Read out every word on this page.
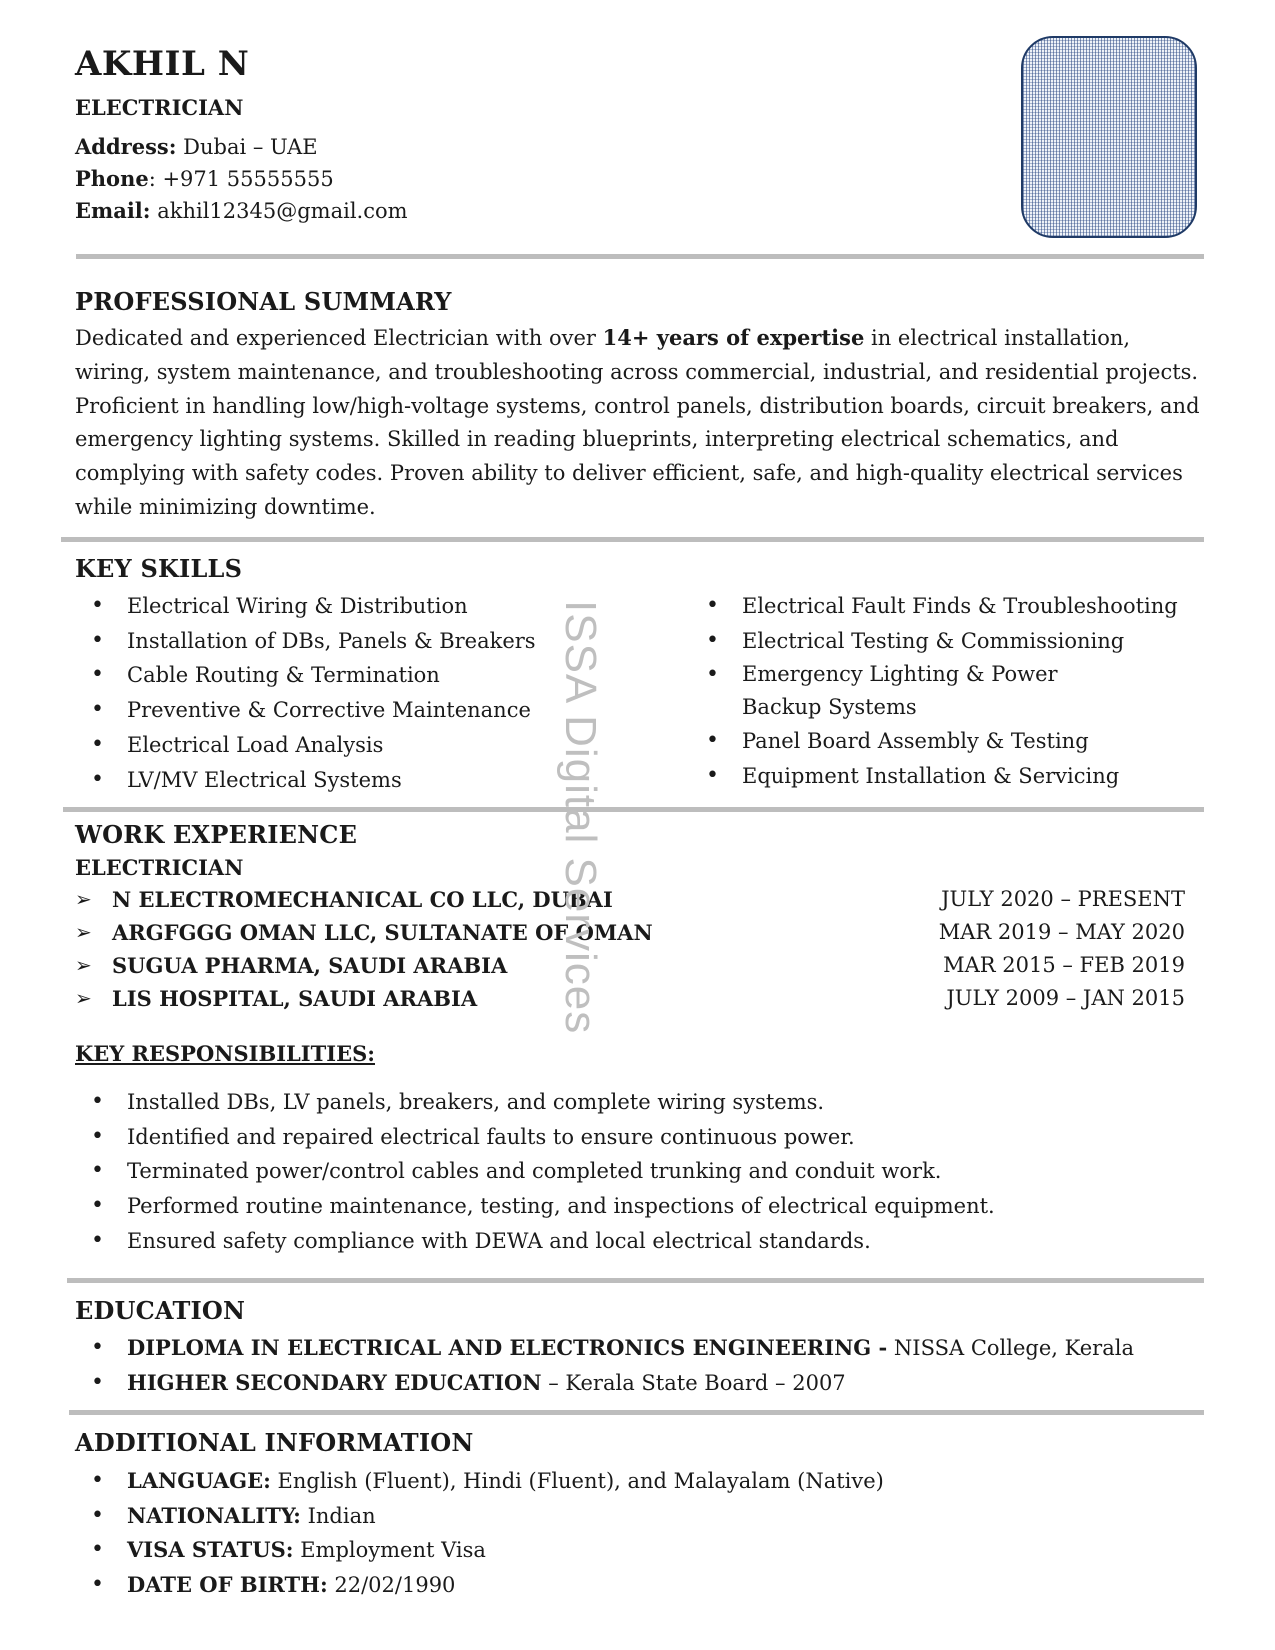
AKHIL N
ELECTRICIAN
Address: Dubai – UAE
Phone: +971 55555555
Email: akhil12345@gmail.com
PROFESSIONAL SUMMARY
Dedicated and experienced Electrician with over 14+ years of expertise in electrical installation, wiring, system maintenance, and troubleshooting across commercial, industrial, and residential projects. Proficient in handling low/high-voltage systems, control panels, distribution boards, circuit breakers, and emergency lighting systems. Skilled in reading blueprints, interpreting electrical schematics, and complying with safety codes. Proven ability to deliver efficient, safe, and high-quality electrical services while minimizing downtime.
KEY SKILLS
• Electrical Wiring & Distribution
• Installation of DBs, Panels & Breakers
• Cable Routing & Termination
• Preventive & Corrective Maintenance
• Electrical Load Analysis
• LV/MV Electrical Systems
• Electrical Fault Finds & Troubleshooting
• Electrical Testing & Commissioning
• Emergency Lighting & Power Backup Systems
• Panel Board Assembly & Testing
• Equipment Installation & Servicing
WORK EXPERIENCE
ELECTRICIAN
➢ N ELECTROMECHANICAL CO LLC, DUBAI	JULY 2020 – PRESENT
➢ ARGFGGG OMAN LLC, SULTANATE OF OMAN	MAR 2019 – MAY 2020
➢ SUGUA PHARMA, SAUDI ARABIA	MAR 2015 – FEB 2019
➢ LIS HOSPITAL, SAUDI ARABIA	JULY 2009 – JAN 2015
KEY RESPONSIBILITIES:
• Installed DBs, LV panels, breakers, and complete wiring systems.
• Identified and repaired electrical faults to ensure continuous power.
• Terminated power/control cables and completed trunking and conduit work.
• Performed routine maintenance, testing, and inspections of electrical equipment.
• Ensured safety compliance with DEWA and local electrical standards.
EDUCATION
• DIPLOMA IN ELECTRICAL AND ELECTRONICS ENGINEERING - NISSA College, Kerala
• HIGHER SECONDARY EDUCATION – Kerala State Board – 2007
ADDITIONAL INFORMATION
• LANGUAGE: English (Fluent), Hindi (Fluent), and Malayalam (Native)
• NATIONALITY: Indian
• VISA STATUS: Employment Visa
• DATE OF BIRTH: 22/02/1990
ISSA Digital Services
